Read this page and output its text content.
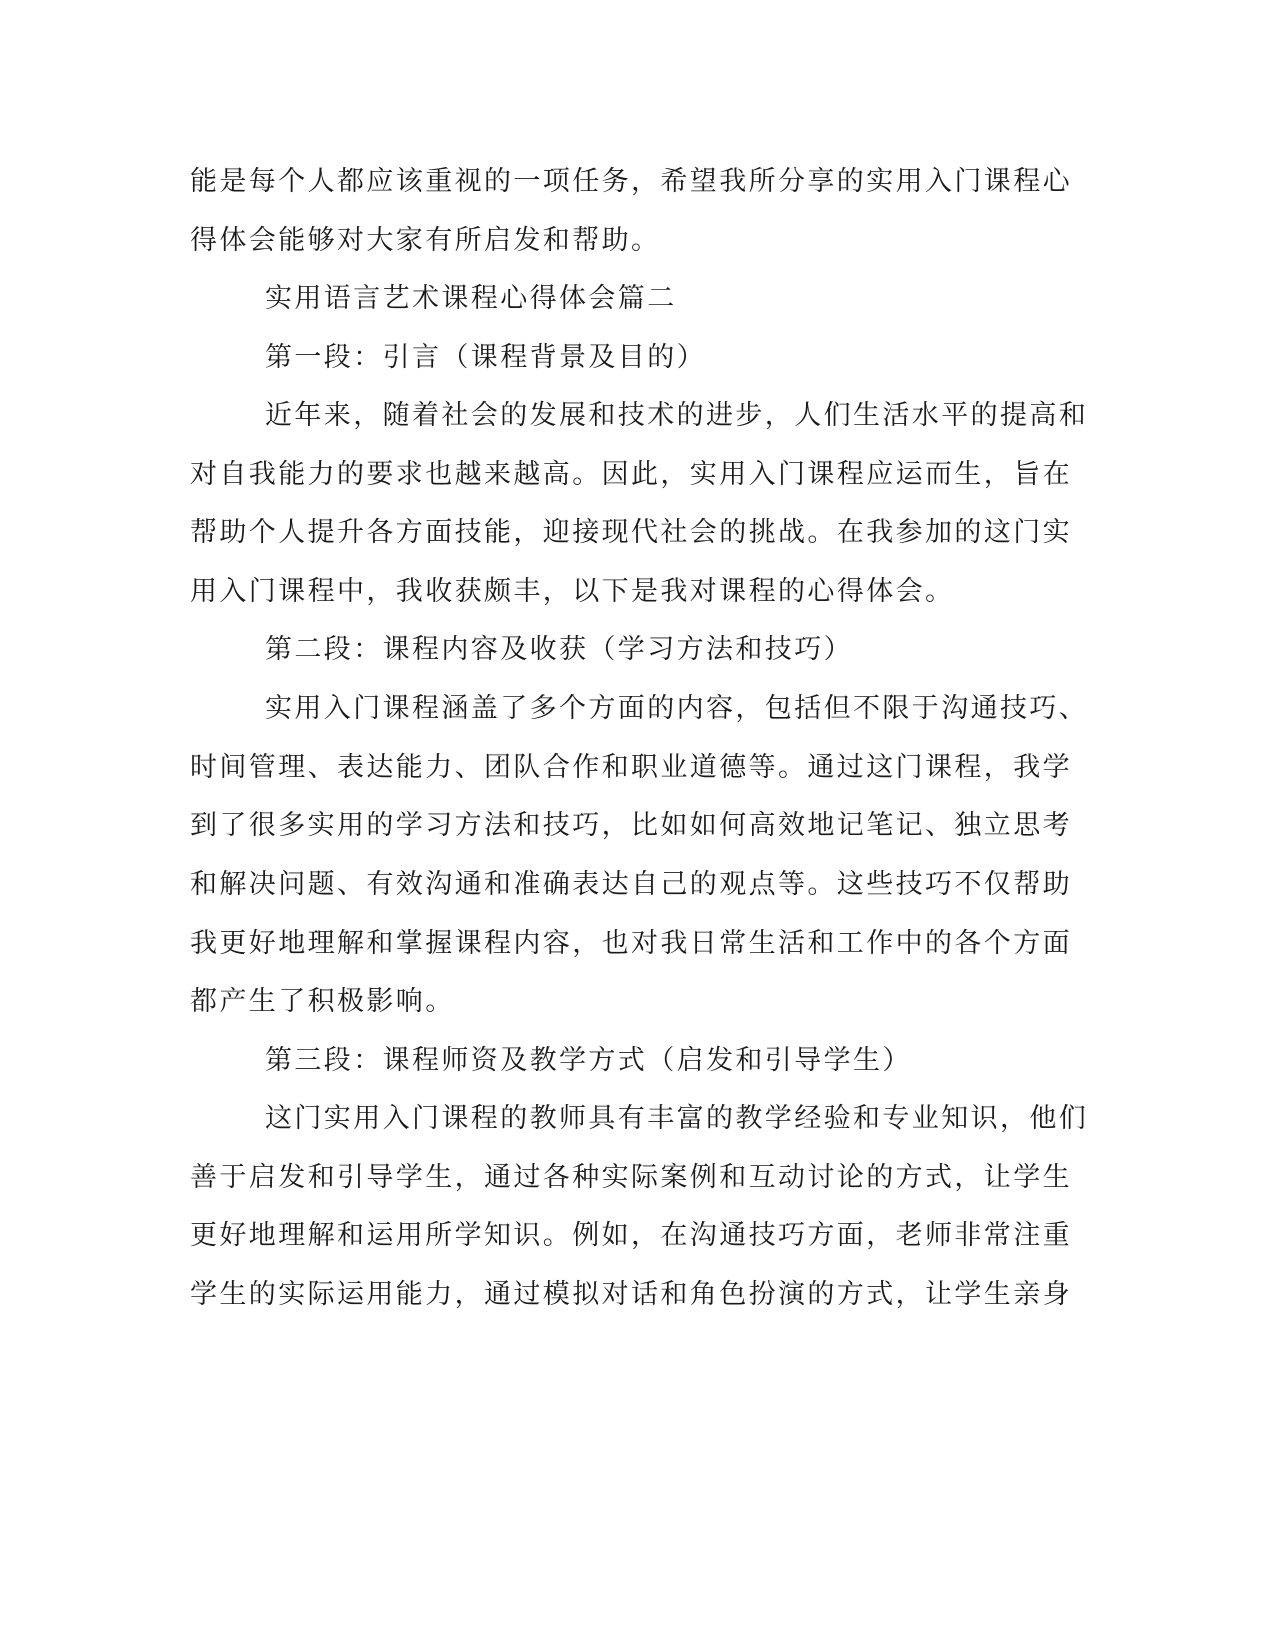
能是每个人都应该重视的一项任务，希望我所分享的实用入门课程心
得体会能够对大家有所启发和帮助。
实用语言艺术课程心得体会篇二
第一段：引言（课程背景及目的）
近年来，随着社会的发展和技术的进步，人们生活水平的提高和
对自我能力的要求也越来越高。因此，实用入门课程应运而生，旨在
帮助个人提升各方面技能，迎接现代社会的挑战。在我参加的这门实
用入门课程中，我收获颇丰，以下是我对课程的心得体会。
第二段：课程内容及收获（学习方法和技巧）
实用入门课程涵盖了多个方面的内容，包括但不限于沟通技巧、
时间管理、表达能力、团队合作和职业道德等。通过这门课程，我学
到了很多实用的学习方法和技巧，比如如何高效地记笔记、独立思考
和解决问题、有效沟通和准确表达自己的观点等。这些技巧不仅帮助
我更好地理解和掌握课程内容，也对我日常生活和工作中的各个方面
都产生了积极影响。
第三段：课程师资及教学方式（启发和引导学生）
这门实用入门课程的教师具有丰富的教学经验和专业知识，他们
善于启发和引导学生，通过各种实际案例和互动讨论的方式，让学生
更好地理解和运用所学知识。例如，在沟通技巧方面，老师非常注重
学生的实际运用能力，通过模拟对话和角色扮演的方式，让学生亲身
